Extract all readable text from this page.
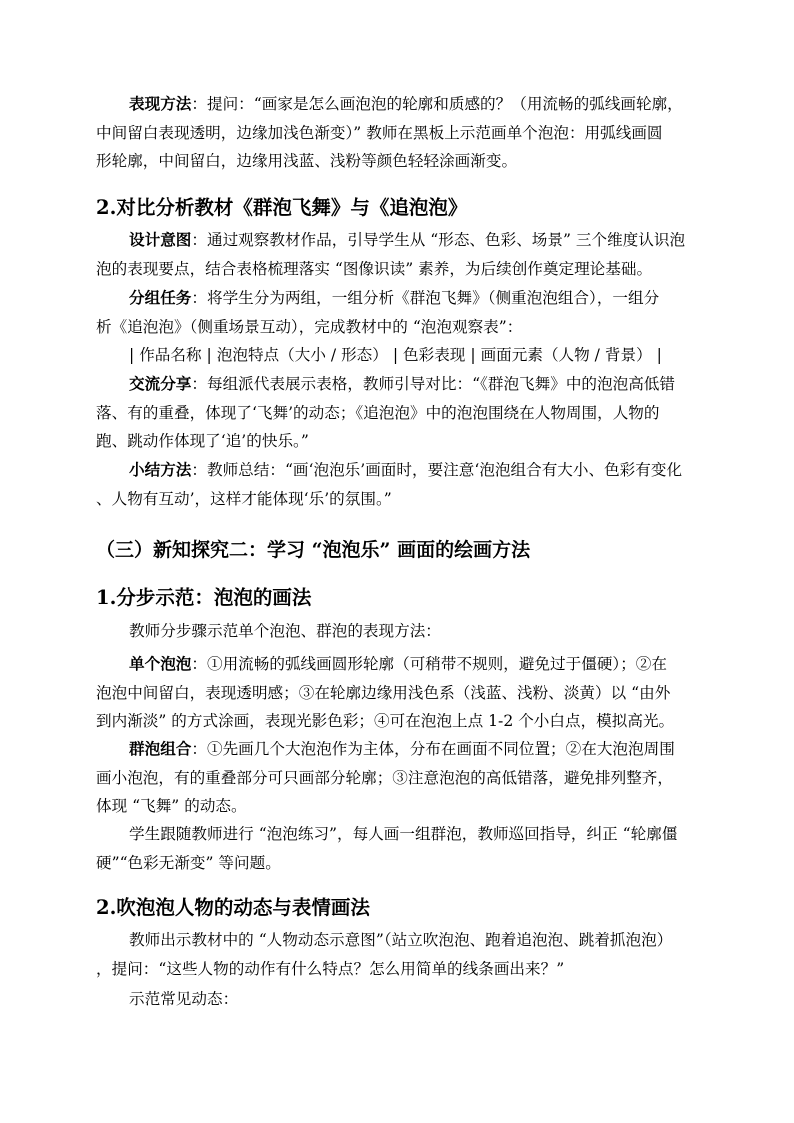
表现方法：提问：“画家是怎么画泡泡的轮廓和质感的？（用流畅的弧线画轮廓，
中间留白表现透明，边缘加浅色渐变）” 教师在黑板上示范画单个泡泡：用弧线画圆
形轮廓，中间留白，边缘用浅蓝、浅粉等颜色轻轻涂画渐变。

2.对比分析教材《群泡飞舞》与《追泡泡》

设计意图：通过观察教材作品，引导学生从 “形态、色彩、场景” 三个维度认识泡
泡的表现要点，结合表格梳理落实 “图像识读” 素养，为后续创作奠定理论基础。

分组任务：将学生分为两组，一组分析《群泡飞舞》（侧重泡泡组合），一组分
析《追泡泡》（侧重场景互动），完成教材中的 “泡泡观察表”：

| 作品名称 | 泡泡特点（大小 / 形态） | 色彩表现 | 画面元素（人物 / 背景） |

交流分享：每组派代表展示表格，教师引导对比：“《群泡飞舞》中的泡泡高低错
落、有的重叠，体现了‘飞舞’的动态；《追泡泡》中的泡泡围绕在人物周围，人物的
跑、跳动作体现了‘追’的快乐。”

小结方法：教师总结：“画‘泡泡乐’画面时，要注意‘泡泡组合有大小、色彩有变化
、人物有互动’，这样才能体现‘乐’的氛围。”

（三）新知探究二：学习 “泡泡乐” 画面的绘画方法
1.分步示范：泡泡的画法

教师分步骤示范单个泡泡、群泡的表现方法：

单个泡泡：①用流畅的弧线画圆形轮廓（可稍带不规则，避免过于僵硬）；②在
泡泡中间留白，表现透明感；③在轮廓边缘用浅色系（浅蓝、浅粉、淡黄）以 “由外
到内渐淡” 的方式涂画，表现光影色彩；④可在泡泡上点 1-2 个小白点，模拟高光。

群泡组合：①先画几个大泡泡作为主体，分布在画面不同位置；②在大泡泡周围
画小泡泡，有的重叠部分可只画部分轮廓；③注意泡泡的高低错落，避免排列整齐，
体现 “飞舞” 的动态。

学生跟随教师进行 “泡泡练习”，每人画一组群泡，教师巡回指导，纠正 “轮廓僵
硬”“色彩无渐变” 等问题。

2.吹泡泡人物的动态与表情画法

教师出示教材中的 “人物动态示意图”（站立吹泡泡、跑着追泡泡、跳着抓泡泡）
，提问：“这些人物的动作有什么特点？怎么用简单的线条画出来？”

示范常见动态：
